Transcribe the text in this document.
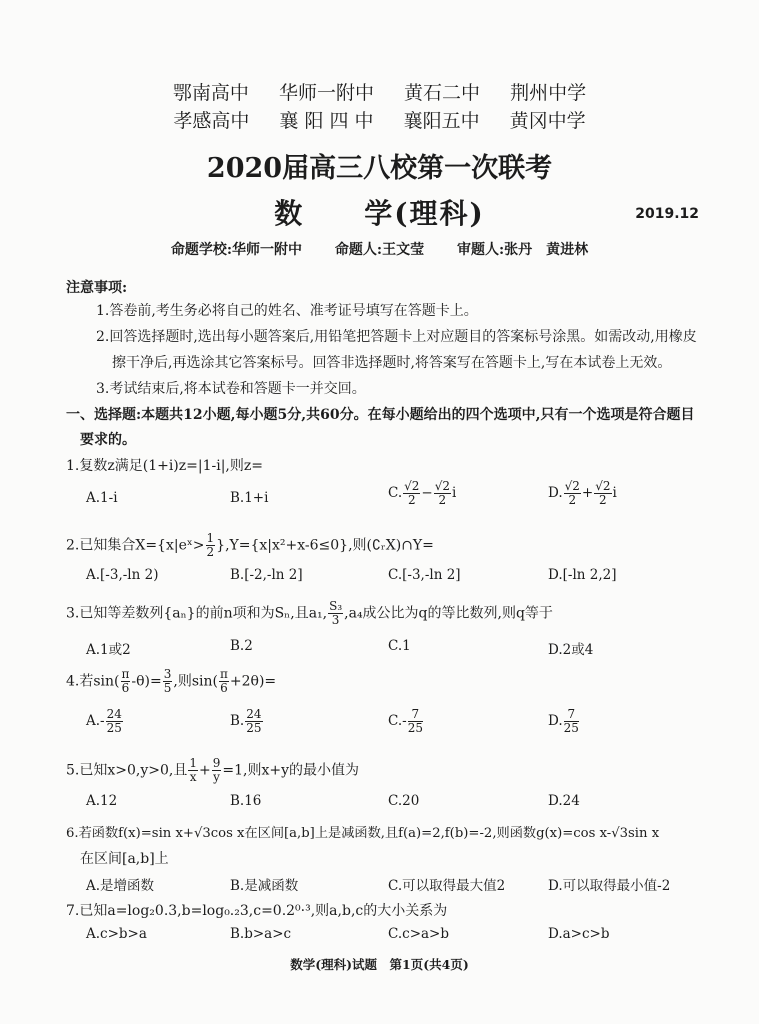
鄂南高中 华师一附中 黄石二中 荆州中学
孝感高中 襄 阳 四 中 襄阳五中 黄冈中学
2020届高三八校第一次联考
数　　学(理科)	2019.12
命题学校:华师一附中 命题人:王文莹 审题人:张丹　黄进林
注意事项:
1.答卷前,考生务必将自己的姓名、准考证号填写在答题卡上。
2.回答选择题时,选出每小题答案后,用铅笔把答题卡上对应题目的答案标号涂黑。如需改动,用橡皮
擦干净后,再选涂其它答案标号。回答非选择题时,将答案写在答题卡上,写在本试卷上无效。
3.考试结束后,将本试卷和答题卡一并交回。
一、选择题:本题共12小题,每小题5分,共60分。在每小题给出的四个选项中,只有一个选项是符合题目
要求的。
1.复数z满足(1+i)z=|1-i|,则z=
A.1-i	B.1+i	C. $\frac{√2}{2} - \frac{√2}{2}$ i	D. $\frac{√2}{2} + \frac{√2}{2}$ i
2.已知集合X={x|eˣ> $\frac{1}{2} \},Y=\{x|x^2+x-6\le 0\}$,则(∁ᵣX)∩Y=
A.[-3,-ln 2)	B.[-2,-ln 2]	C.[-3,-ln 2]	D.[-ln 2,2]
3.已知等差数列{aₙ}的前n项和为Sₙ,且a₁, $\frac{\text{S₃}}{3} ,a_4$成公比为q的等比数列,则q等于
A.1或2	B.2	C.1	D.2或4
4.若$\sin( \frac{\pi}{6} -\theta)= \frac{3}{5}$ ,则$\sin( \frac{\pi}{6} +2\theta)=$
$A.- \frac{24}{25}$	B. $\frac{24}{25}$	$C.- \frac{7}{25}$	D. $\frac{7}{25}$
5.已知x>0,y>0,且 $\frac{1}{x} + \frac{9}{y} =1$,则x+y的最小值为
A.12	B.16	C.20	D.24
6.若函数f(x)=sin x+√3cos x在区间[a,b]上是减函数,且f(a)=2,f(b)=-2,则函数g(x)=cos x-√3sin x
在区间[a,b]上
A.是增函数	B.是减函数	C.可以取得最大值2	D.可以取得最小值-2
7.已知a=log₂0.3,b=log₀.₂3,c=0.2⁰·³,则a,b,c的大小关系为
A.c>b>a	B.b>a>c	C.c>a>b	D.a>c>b
数学(理科)试题　第1页(共4页)
